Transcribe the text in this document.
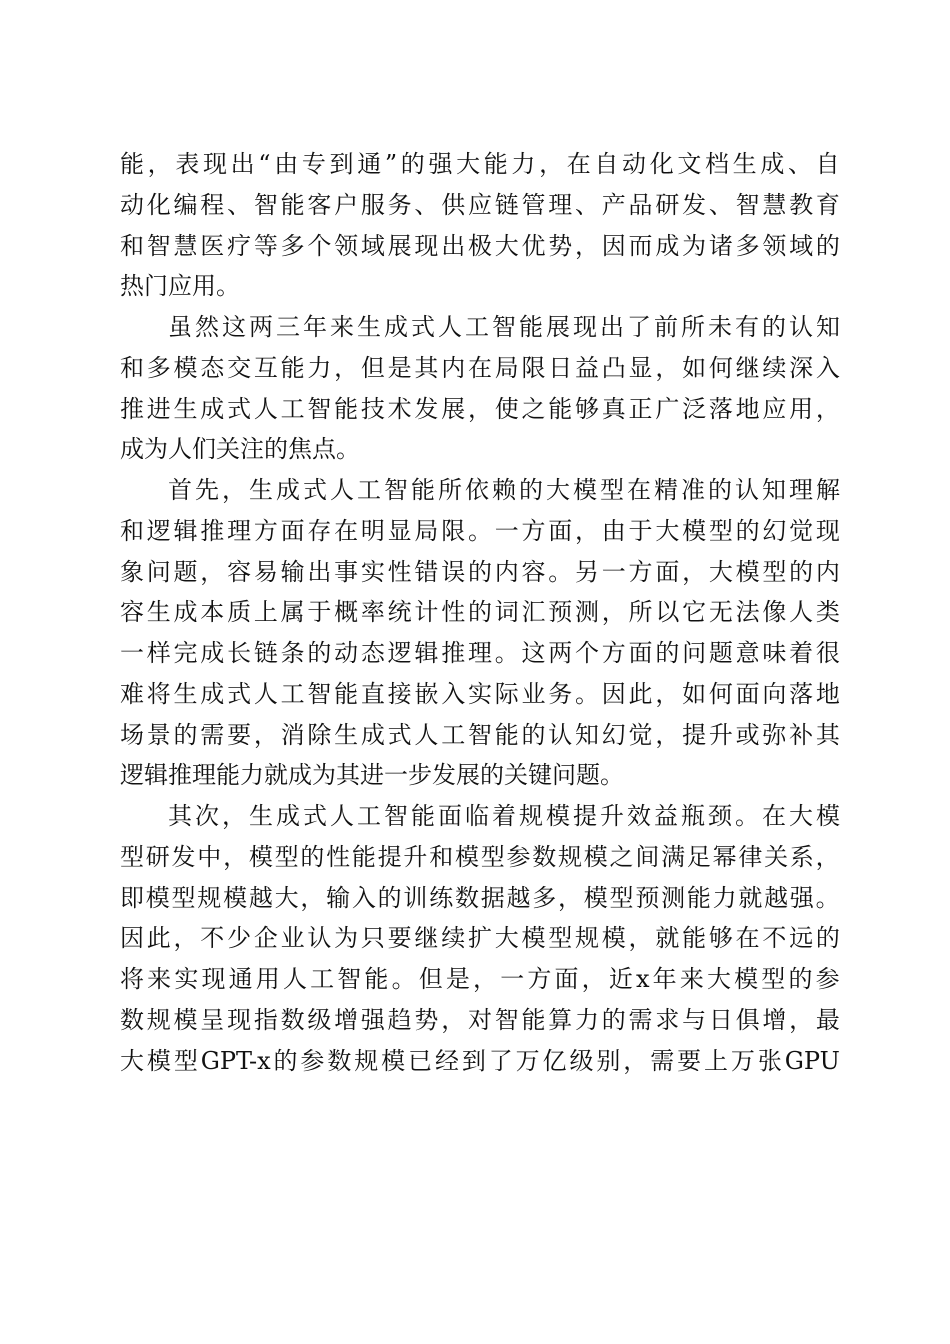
能 ， 表 现 出 “ 由 专 到 通 ” 的 强 大 能 力 ， 在 自 动 化 文 档 生 成 、 自
动 化 编 程 、 智 能 客 户 服 务 、 供 应 链 管 理 、 产 品 研 发 、 智 慧 教 育
和 智 慧 医 疗 等 多 个 领 域 展 现 出 极 大 优 势 ， 因 而 成 为 诸 多 领 域 的
热门应用。
虽 然 这 两 三 年 来 生 成 式 人 工 智 能 展 现 出 了 前 所 未 有 的 认 知
和 多 模 态 交 互 能 力 ， 但 是 其 内 在 局 限 日 益 凸 显 ， 如 何 继 续 深 入
推 进 生 成 式 人 工 智 能 技 术 发 展 ， 使 之 能 够 真 正 广 泛 落 地 应 用 ，
成为人们关注的焦点。
首 先 ， 生 成 式 人 工 智 能 所 依 赖 的 大 模 型 在 精 准 的 认 知 理 解
和 逻 辑 推 理 方 面 存 在 明 显 局 限 。 一 方 面 ， 由 于 大 模 型 的 幻 觉 现
象 问 题 ， 容 易 输 出 事 实 性 错 误 的 内 容 。 另 一 方 面 ， 大 模 型 的 内
容 生 成 本 质 上 属 于 概 率 统 计 性 的 词 汇 预 测 ， 所 以 它 无 法 像 人 类
一 样 完 成 长 链 条 的 动 态 逻 辑 推 理 。 这 两 个 方 面 的 问 题 意 味 着 很
难 将 生 成 式 人 工 智 能 直 接 嵌 入 实 际 业 务 。 因 此 ， 如 何 面 向 落 地
场 景 的 需 要 ， 消 除 生 成 式 人 工 智 能 的 认 知 幻 觉 ， 提 升 或 弥 补 其
逻辑推理能力就成为其进一步发展的关键问题。
其 次 ， 生 成 式 人 工 智 能 面 临 着 规 模 提 升 效 益 瓶 颈 。 在 大 模
型 研 发 中 ， 模 型 的 性 能 提 升 和 模 型 参 数 规 模 之 间 满 足 幂 律 关 系 ，
即 模 型 规 模 越 大 ， 输 入 的 训 练 数 据 越 多 ， 模 型 预 测 能 力 就 越 强 。
因 此 ， 不 少 企 业 认 为 只 要 继 续 扩 大 模 型 规 模 ， 就 能 够 在 不 远 的
将 来 实 现 通 用 人 工 智 能 。 但 是 ， 一 方 面 ， 近 x 年 来 大 模 型 的 参
数 规 模 呈 现 指 数 级 增 强 趋 势 ， 对 智 能 算 力 的 需 求 与 日 俱 增 ， 最
大 模 型 GPT-x 的 参 数 规 模 已 经 到 了 万 亿 级 别 ， 需 要 上 万 张 GPU
